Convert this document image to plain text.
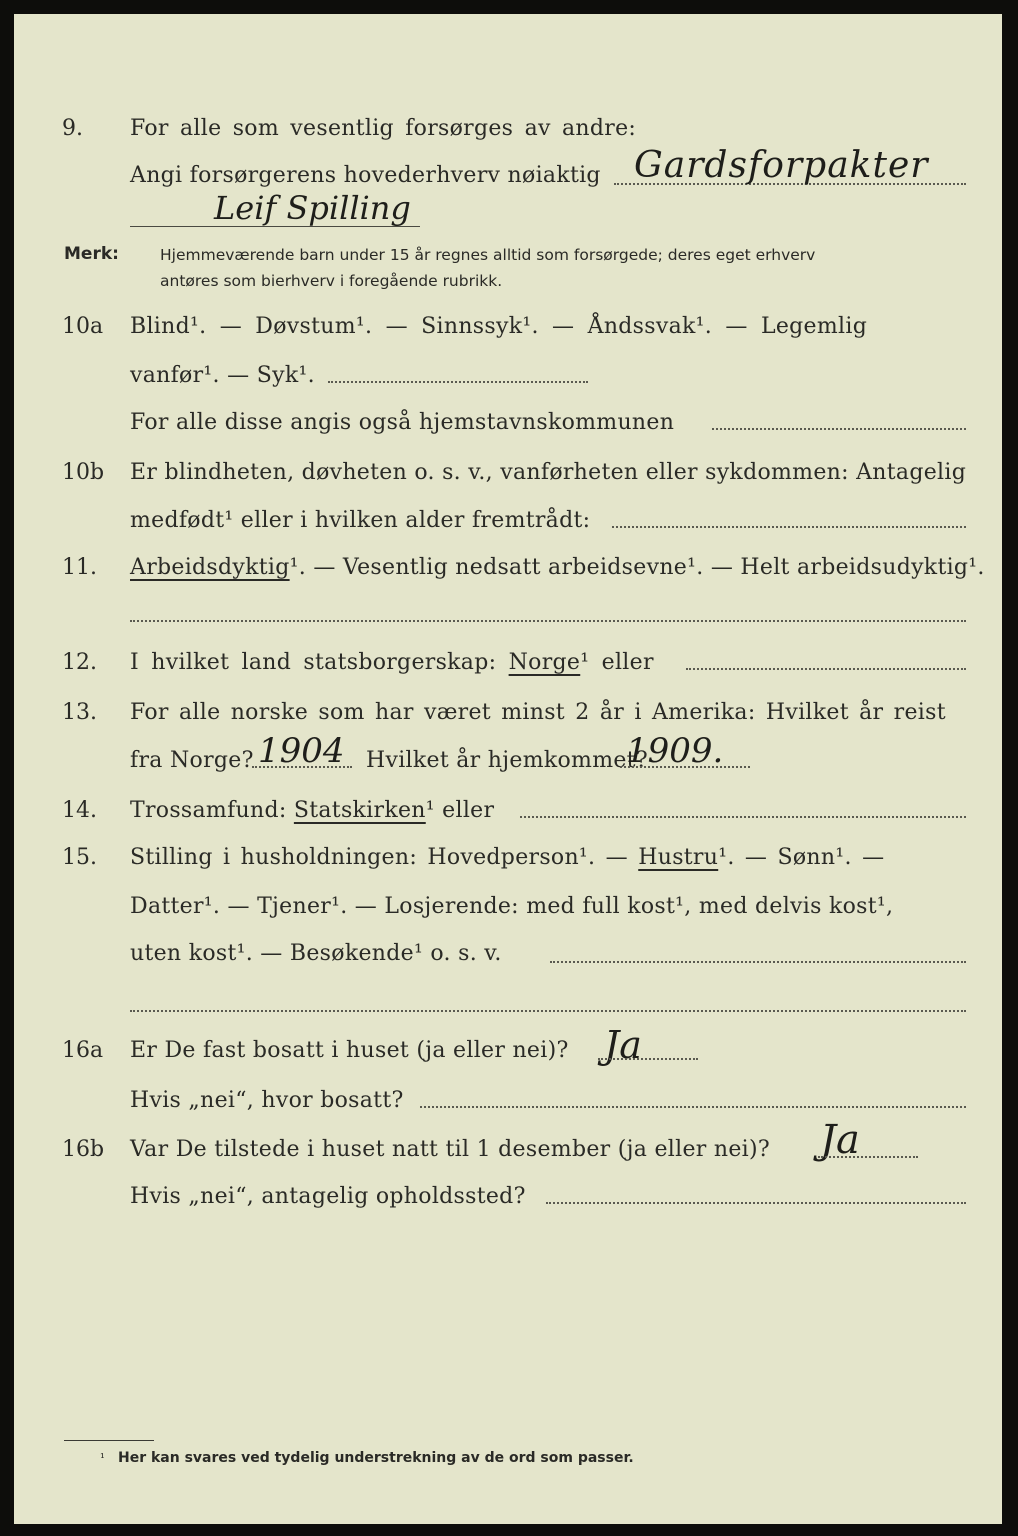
9. For alle som vesentlig forsørges av andre:
Angi forsørgerens hovederhverv nøiaktig Gardsforpakter
Leif Spilling
Merk:	Hjemmeværende barn under 15 år regnes alltid som forsørgede; deres eget erhverv
antøres som bierhverv i foregående rubrikk.
10a Blind¹. — Døvstum¹. — Sinnssyk¹. — Åndssvak¹. — Legemlig
vanfør¹. — Syk¹.
For alle disse angis også hjemstavnskommunen
10b Er blindheten, døvheten o. s. v., vanførheten eller sykdommen: Antagelig
medfødt¹ eller i hvilken alder fremtrådt:
11. Arbeidsdyktig¹. — Vesentlig nedsatt arbeidsevne¹. — Helt arbeidsudyktig¹.
12. I hvilket land statsborgerskap: Norge¹ eller
13. For alle norske som har været minst 2 år i Amerika: Hvilket år reist
fra Norge? 1904 Hvilket år hjemkommet?
1909.
14. Trossamfund: Statskirken¹ eller
15. Stilling i husholdningen: Hovedperson¹. — Hustru¹. — Sønn¹. —
Datter¹. — Tjener¹. — Losjerende: med full kost¹, med delvis kost¹,
uten kost¹. — Besøkende¹ o. s. v.
16a Er De fast bosatt i huset (ja eller nei)? Ja
Hvis „nei“, hvor bosatt?
16b Var De tilstede i huset natt til 1 desember (ja eller nei)? Ja
Hvis „nei“, antagelig opholdssted?
¹ Her kan svares ved tydelig understrekning av de ord som passer.
